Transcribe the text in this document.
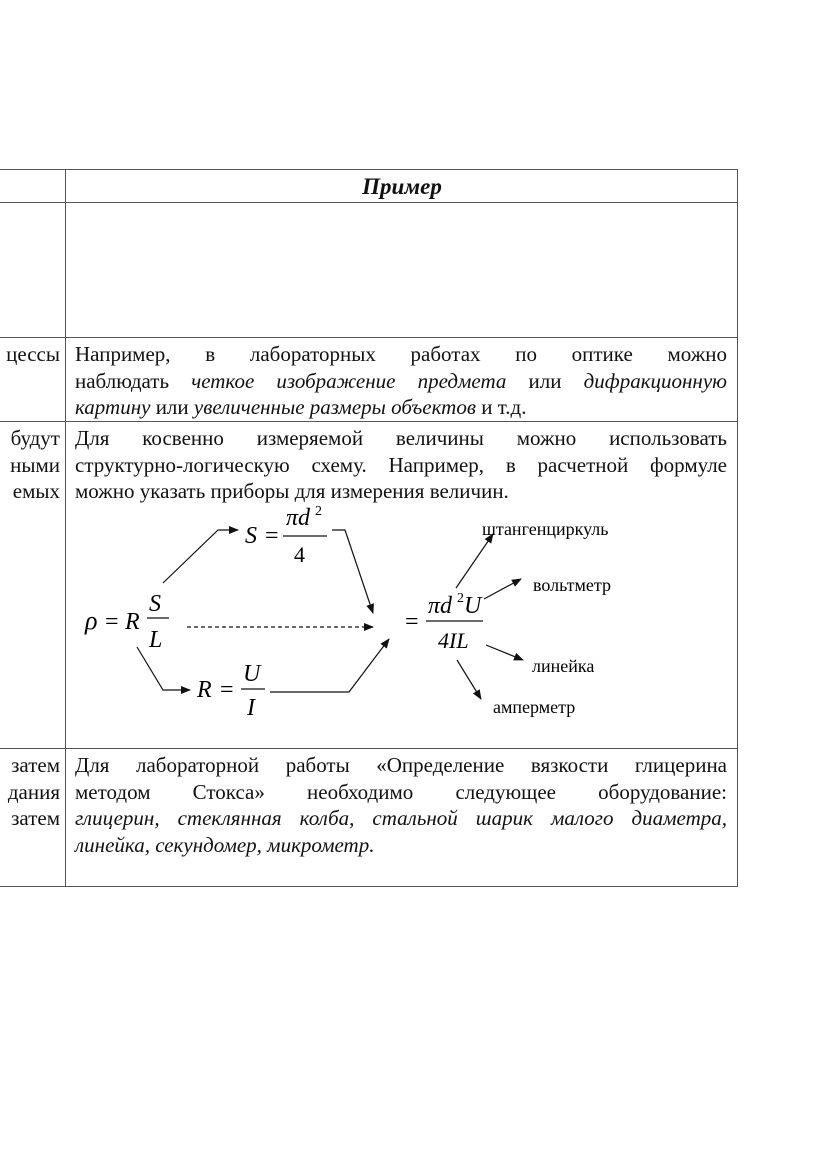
Пример
цессы
будут
ными
емых
затем
дания
затем
Например, в лабораторных работах по оптике можно
наблюдать четкое изображение предмета или дифракционную
картину или увеличенные размеры объектов и т.д.
Для косвенно измеряемой величины можно использовать
структурно-логическую схему. Например, в расчетной формуле
можно указать приборы для измерения величин.
ρ = R
S
L
S =
πd 2
4
R =
U
I
=
πd 2 U
4IL
штангенциркуль
вольтметр
линейка
амперметр
Для лабораторной работы «Определение вязкости глицерина
методом Стокса» необходимо следующее оборудование:
глицерин, стеклянная колба, стальной шарик малого диаметра,
линейка, секундомер, микрометр.
